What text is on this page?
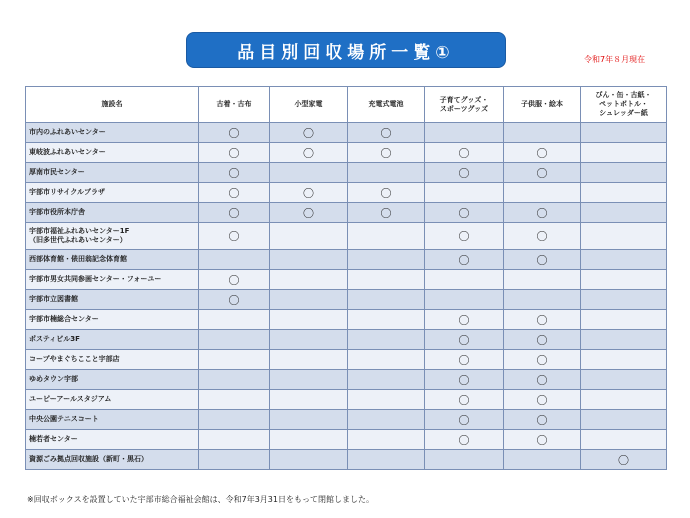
品目別回収場所一覧①	令和7年８月現在
施設名	古着・古布	小型家電	充電式電池	子育てグッズ・
スポーツグッズ	子供服・絵本	びん・缶・古紙・
ペットボトル・
シュレッダー紙

市内のふれあいセンター	〇	〇	〇			

東岐波ふれあいセンター	〇	〇	〇	〇	〇	

厚南市民センター	〇			〇	〇	

宇部市リサイクルプラザ	〇	〇	〇			

宇部市役所本庁舎	〇	〇	〇	〇	〇	

宇部市福祉ふれあいセンター1F
（旧多世代ふれあいセンター）	〇			〇	〇	

西部体育館・俵田翁記念体育館				〇	〇	

宇部市男女共同参画センター・フォーユー	〇					

宇部市立図書館	〇					

宇部市楠総合センター				〇	〇	

ポスティビル3F				〇	〇	

コープやまぐちここと宇部店				〇	〇	

ゆめタウン宇部				〇	〇	

ユーピーアールスタジアム				〇	〇	

中央公園テニスコート				〇	〇	

楠若者センター				〇	〇	

資源ごみ拠点回収施設（新町・黒石）						〇
※回収ボックスを設置していた宇部市総合福祉会館は、令和7年3月31日をもって閉館しました。
